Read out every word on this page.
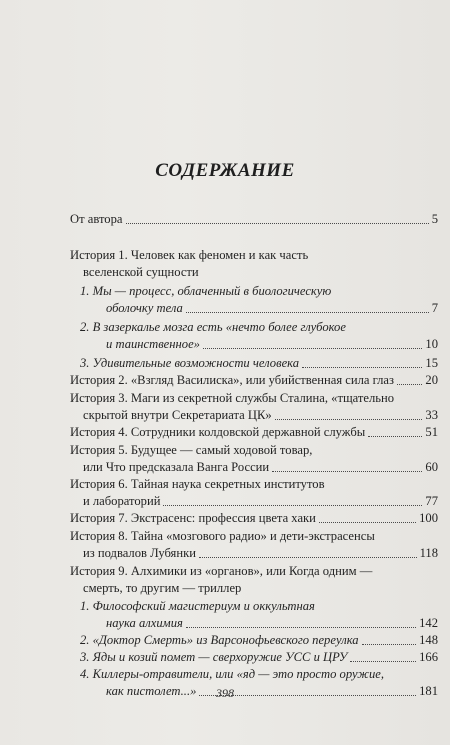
СОДЕРЖАНИЕ
От автора	5
История 1. Человек как феномен и как часть
вселенской сущности
1. Мы — процесс, облаченный в биологическую
оболочку тела	7
2. В зазеркалье мозга есть «нечто более глубокое
и таинственное»	10
3. Удивительные возможности человека	15
История 2. «Взгляд Василиска», или убийственная сила глаз 20
История 3. Маги из секретной службы Сталина, «тщательно
скрытой внутри Секретариата ЦК»	33
История 4. Сотрудники колдовской державной службы	51
История 5. Будущее — самый ходовой товар,
или Что предсказала Ванга России	60
История 6. Тайная наука секретных институтов
и лабораторий	77
История 7. Экстрасенс: профессия цвета хаки	100
История 8. Тайна «мозгового радио» и дети-экстрасенсы
из подвалов Лубянки	118
История 9. Алхимики из «органов», или Когда одним —
смерть, то другим — триллер
1. Философский магистериум и оккультная
наука алхимия	142
2. «Доктор Смерть» из Варсонофьевского переулка	148
3. Яды и козий помет — сверхоружие УСС и ЦРУ	166
4. Киллеры-отравители, или «яд — это просто оружие,
как пистолет...»	181
398
